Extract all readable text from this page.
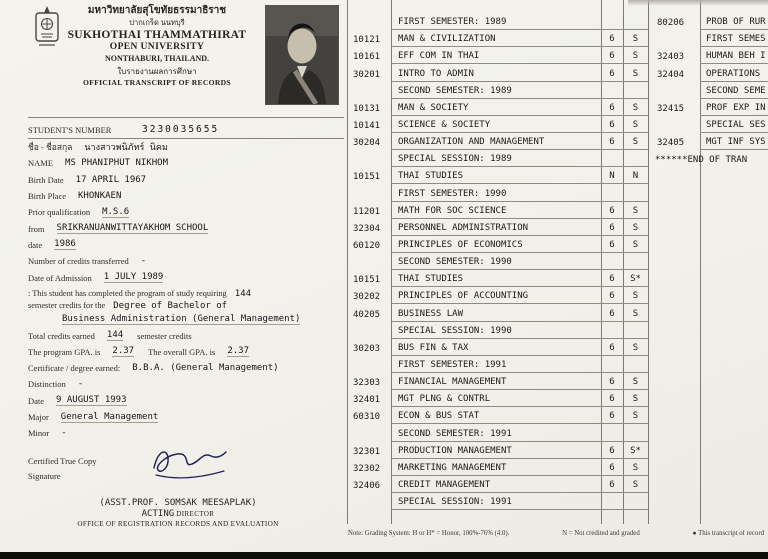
มหาวิทยาลัยสุโขทัยธรรมาธิราช
ปากเกร็ด นนทบุรี
SUKHOTHAI THAMMATHIRAT
OPEN UNIVERSITY
NONTHABURI, THAILAND.
ใบรายงานผลการศึกษา
OFFICIAL TRANSCRIPT OF RECORDS
STUDENT'S NUMBER	3230035655
ชื่อ - ชื่อสกุล นางสาวพนิภัทร์ นิคม
NAME MS PHANIPHUT NIKHOM
Birth Date 17 APRIL 1967
Birth Place KHONKAEN
Prior qualification M.S.6
from SRIKRANUANWITTAYAKHOM SCHOOL
date 1986
Number of credits transferred -
Date of Admission 1 JULY 1989
: This student has completed the program of study requiring 144
semester credits for the Degree of Bachelor of
Business Administration (General Management)
Total credits earned 144 semester credits
The program GPA. is 2.37 The overall GPA. is 2.37
Certificate / degree earned: B.B.A. (General Management)
Distinction -
Date 9 AUGUST 1993
Major General Management
Minor -
Certified True Copy
Signature
(ASST.PROF. SOMSAK MEESAPLAK)
ACTING DIRECTOR
OFFICE OF REGISTRATION RECORDS AND EVALUATION
FIRST SEMESTER: 1989
10121	MAN & CIVILIZATION	6	S
10161	EFF COM IN THAI	6	S
30201	INTRO TO ADMIN	6	S
SECOND SEMESTER: 1989
10131	MAN & SOCIETY	6	S
10141	SCIENCE & SOCIETY	6	S
30204	ORGANIZATION AND MANAGEMENT	6	S
SPECIAL SESSION: 1989
10151	THAI STUDIES	N	N
FIRST SEMESTER: 1990
11201	MATH FOR SOC SCIENCE	6	S
32304	PERSONNEL ADMINISTRATION	6	S
60120	PRINCIPLES OF ECONOMICS	6	S
SECOND SEMESTER: 1990
10151	THAI STUDIES	6	S*
30202	PRINCIPLES OF ACCOUNTING	6	S
40205	BUSINESS LAW	6	S
SPECIAL SESSION: 1990
30203	BUS FIN & TAX	6	S
FIRST SEMESTER: 1991
32303	FINANCIAL MANAGEMENT	6	S
32401	MGT PLNG & CONTRL	6	S
60310	ECON & BUS STAT	6	S
SECOND SEMESTER: 1991
32301	PRODUCTION MANAGEMENT	6	S*
32302	MARKETING MANAGEMENT	6	S
32406	CREDIT MANAGEMENT	6	S
SPECIAL SESSION: 1991
80206	PROB OF RUR
FIRST SEMES
32403	HUMAN BEH I
32404	OPERATIONS
SECOND SEME
32415	PROF EXP IN
SPECIAL SES
32405	MGT INF SYS
******END OF TRAN
Note: Grading System: H or H* = Honor, 100%-76% (4.0).	N = Not credited and graded	● This transcript of record
